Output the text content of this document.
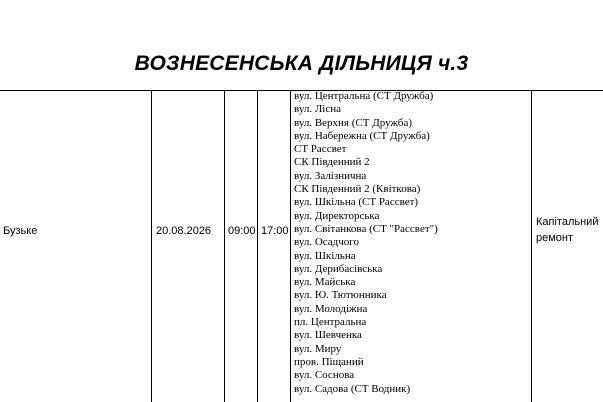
ВОЗНЕСЕНСЬКА ДІЛЬНИЦЯ ч.3
Бузьке	20.08.2026 09:00 17:00
вул. Центральна (СТ Дружба)
вул. Лісна
вул. Верхня (СТ Дружба)
вул. Набережна (СТ Дружба)
СТ Рассвет
СК Південний 2
вул. Залізнична
СК Південний 2 (Квіткова)
вул. Шкільна (СТ Рассвет)
вул. Директорська
вул. Світанкова (СТ "Рассвет")
вул. Осадчого
вул. Шкільна
вул. Дерибасівська
вул. Майська
вул. Ю. Тютюнника
вул. Молодіжна
пл. Центральна
вул. Шевченка
вул. Миру
пров. Піщаний
вул. Соснова
вул. Садова (СТ Водник)
Капітальний
ремонт
